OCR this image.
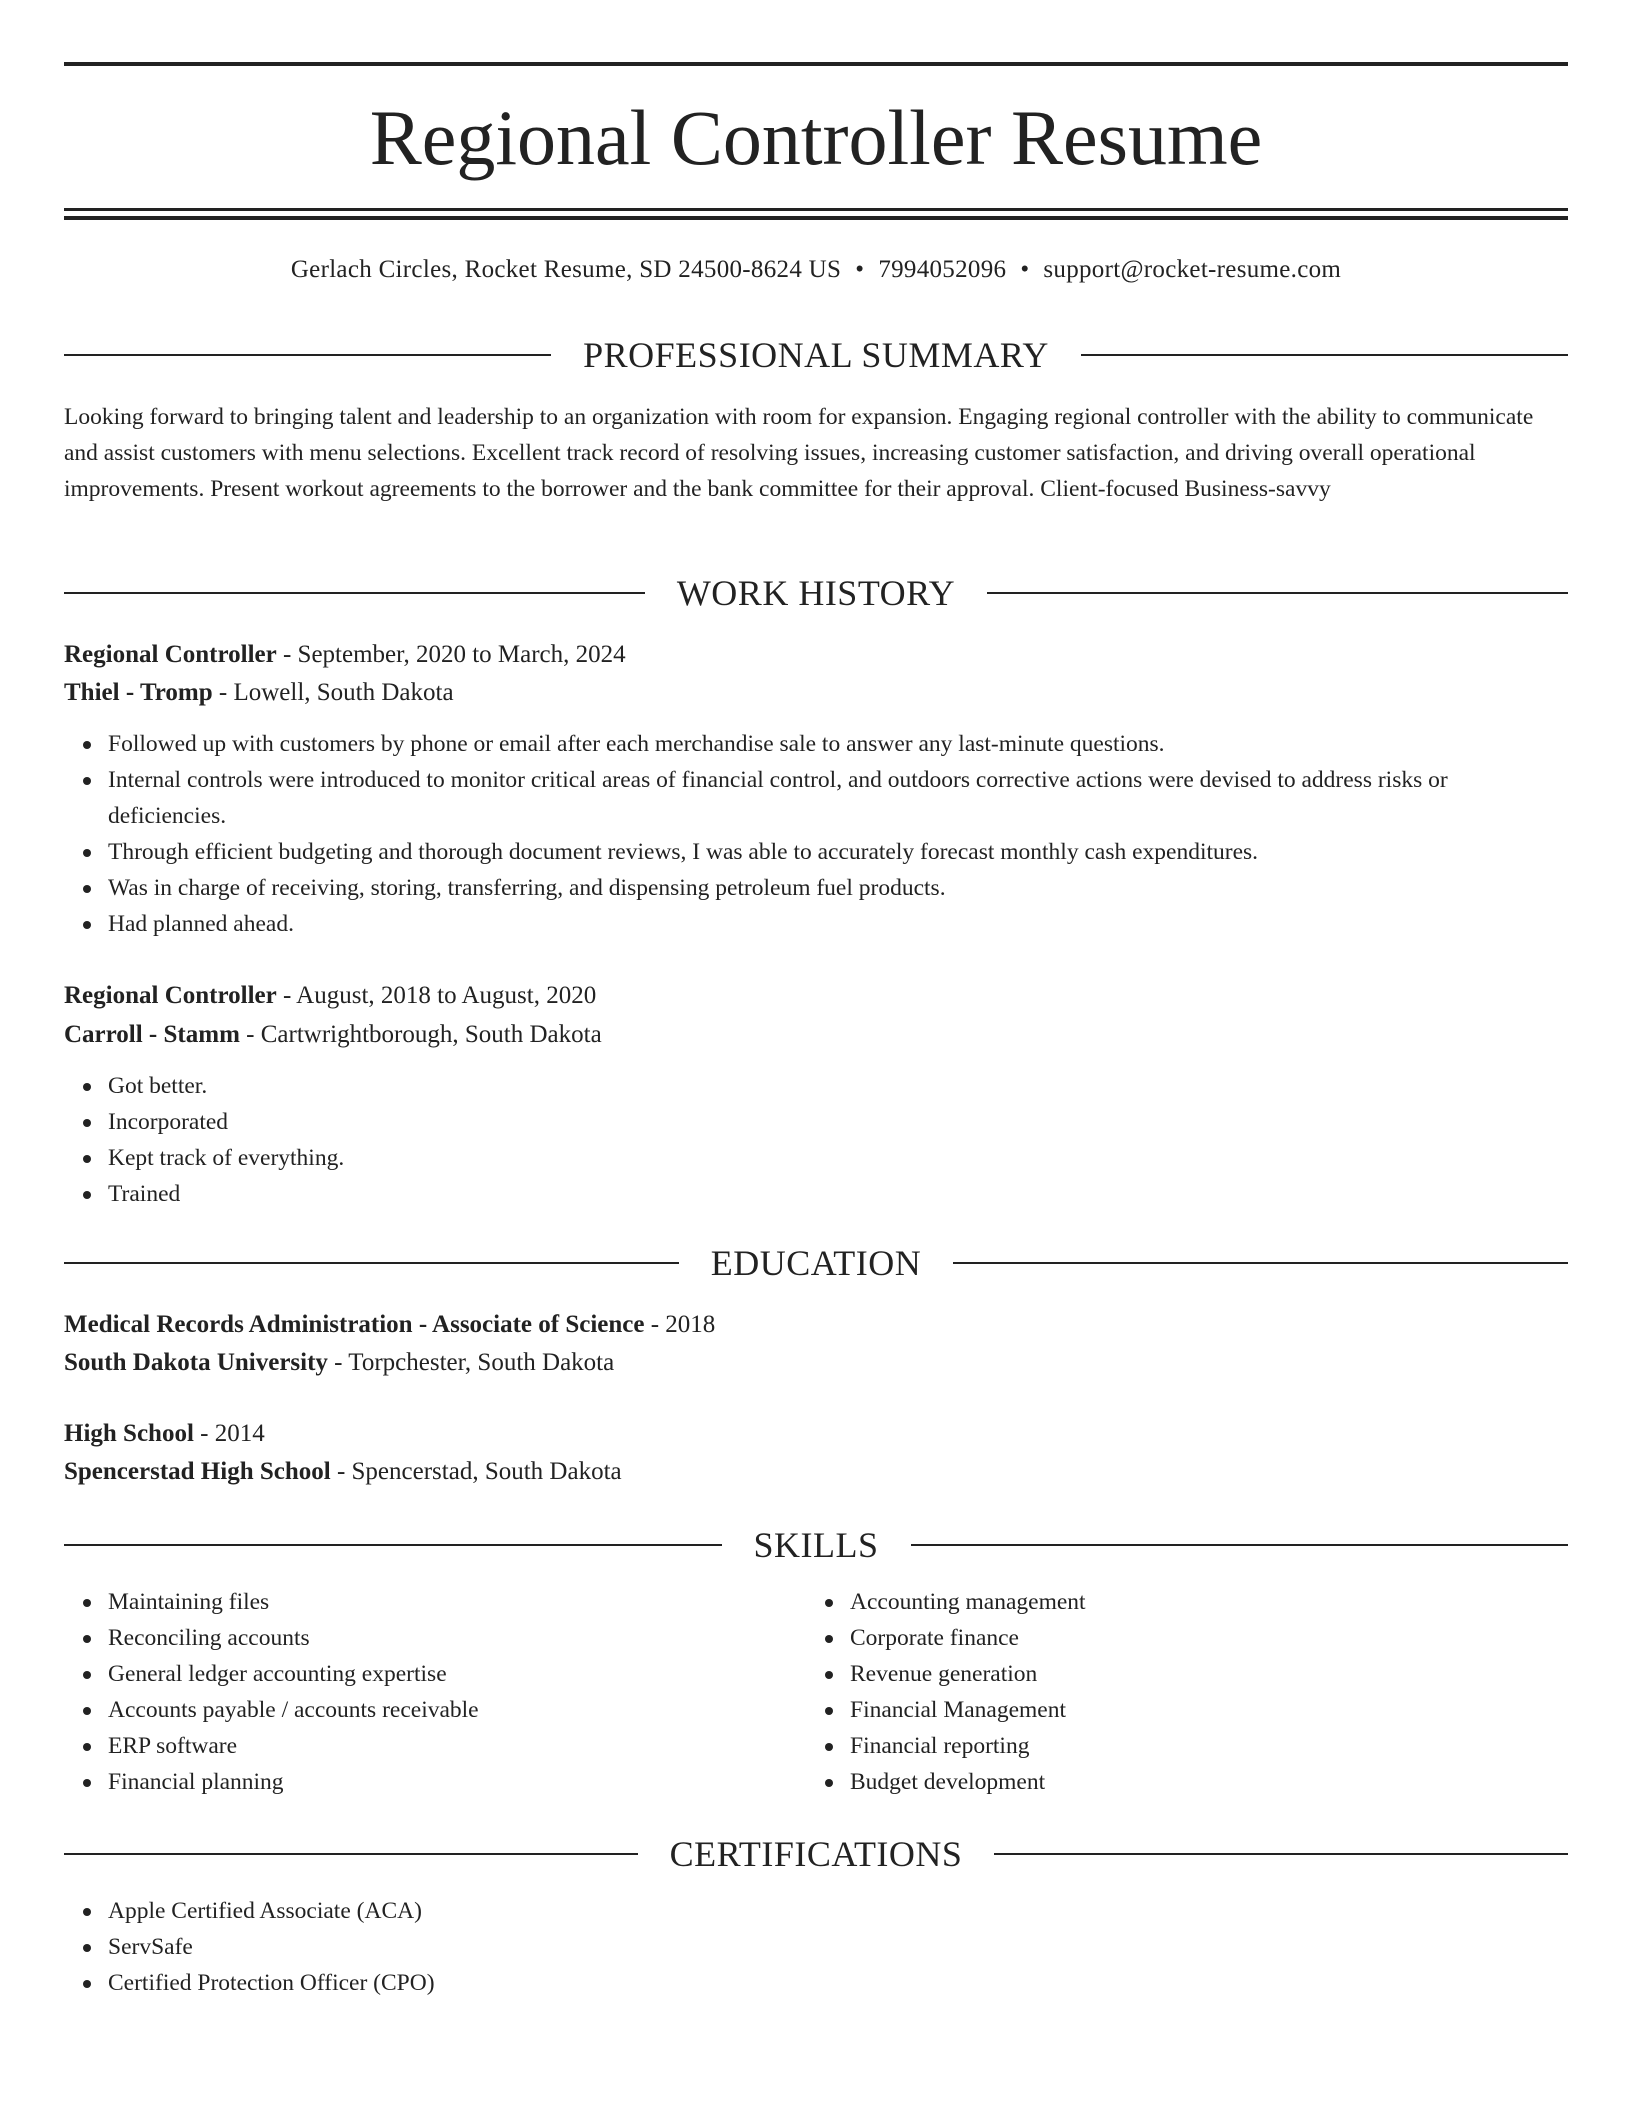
Regional Controller Resume
Gerlach Circles, Rocket Resume, SD 24500-8624 US • 7994052096 • support@rocket-resume.com
PROFESSIONAL SUMMARY

Looking forward to bringing talent and leadership to an organization with room for expansion. Engaging regional controller with the ability to communicate and assist customers with menu selections. Excellent track record of resolving issues, increasing customer satisfaction, and driving overall operational improvements. Present workout agreements to the borrower and the bank committee for their approval. Client-focused Business-savvy

WORK HISTORY
Regional Controller - September, 2020 to March, 2024
Thiel - Tromp - Lowell, South Dakota
Followed up with customers by phone or email after each merchandise sale to answer any last-minute questions.
Internal controls were introduced to monitor critical areas of financial control, and outdoors corrective actions were devised to address risks or deficiencies.
Through efficient budgeting and thorough document reviews, I was able to accurately forecast monthly cash expenditures.
Was in charge of receiving, storing, transferring, and dispensing petroleum fuel products.
Had planned ahead.
Regional Controller - August, 2018 to August, 2020
Carroll - Stamm - Cartwrightborough, South Dakota
Got better.
Incorporated
Kept track of everything.
Trained
EDUCATION
Medical Records Administration - Associate of Science - 2018
South Dakota University - Torpchester, South Dakota
High School - 2014
Spencerstad High School - Spencerstad, South Dakota
SKILLS
Maintaining files
Reconciling accounts
General ledger accounting expertise
Accounts payable / accounts receivable
ERP software
Financial planning
Accounting management
Corporate finance
Revenue generation
Financial Management
Financial reporting
Budget development
CERTIFICATIONS
Apple Certified Associate (ACA)
ServSafe
Certified Protection Officer (CPO)
